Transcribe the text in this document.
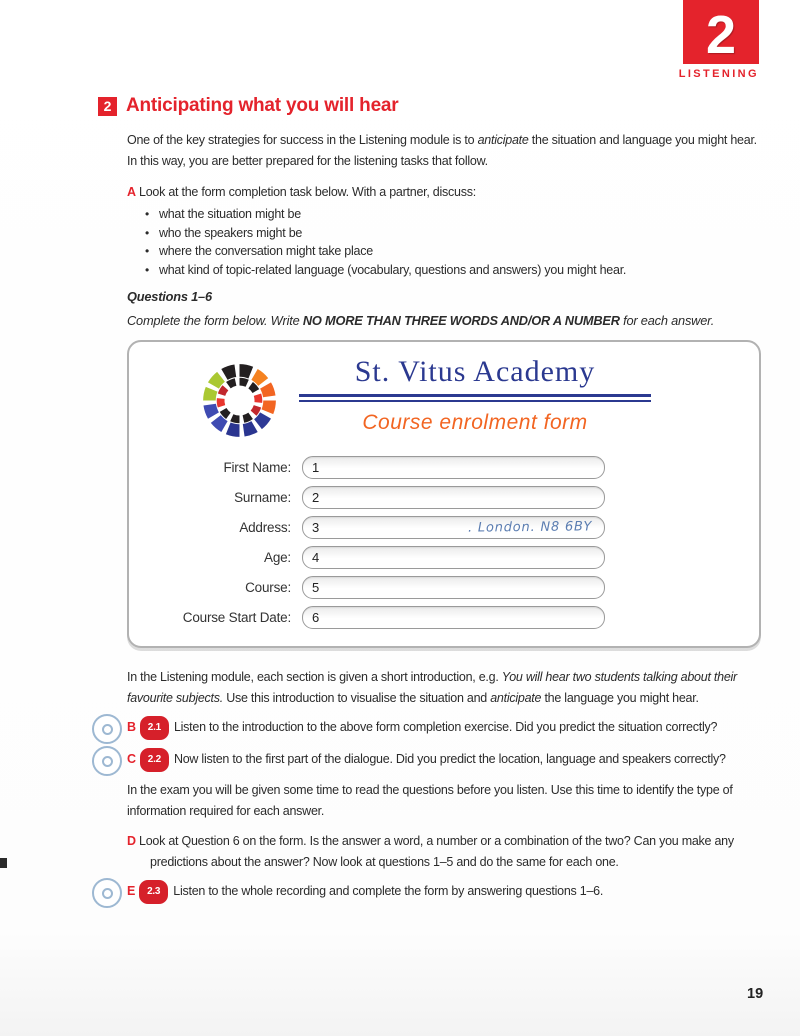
2
LISTENING
2 Anticipating what you will hear

One of the key strategies for success in the Listening module is to anticipate the situation and language you might hear. In this way, you are better prepared for the listening tasks that follow.

A Look at the form completion task below. With a partner, discuss:
• what the situation might be
• who the speakers might be
• where the conversation might take place
• what kind of topic-related language (vocabulary, questions and answers) you might hear.
Questions 1–6
Complete the form below. Write NO MORE THAN THREE WORDS AND/OR A NUMBER for each answer.
St. Vitus Academy
Course enrolment form
First Name:	1
Surname:	2
Address:	3	. London. N8 6BY
Age:	4
Course:	5
Course Start Date:	6

In the Listening module, each section is given a short introduction, e.g. You will hear two students talking about their favourite subjects. Use this introduction to visualise the situation and anticipate the language you might hear.

B 2.1 Listen to the introduction to the above form completion exercise. Did you predict the situation correctly?
C 2.2 Now listen to the first part of the dialogue. Did you predict the location, language and speakers correctly?

In the exam you will be given some time to read the questions before you listen. Use this time to identify the type of information required for each answer.

D Look at Question 6 on the form. Is the answer a word, a number or a combination of the two? Can you make any predictions about the answer? Now look at questions 1–5 and do the same for each one.
E 2.3 Listen to the whole recording and complete the form by answering questions 1–6.
19
